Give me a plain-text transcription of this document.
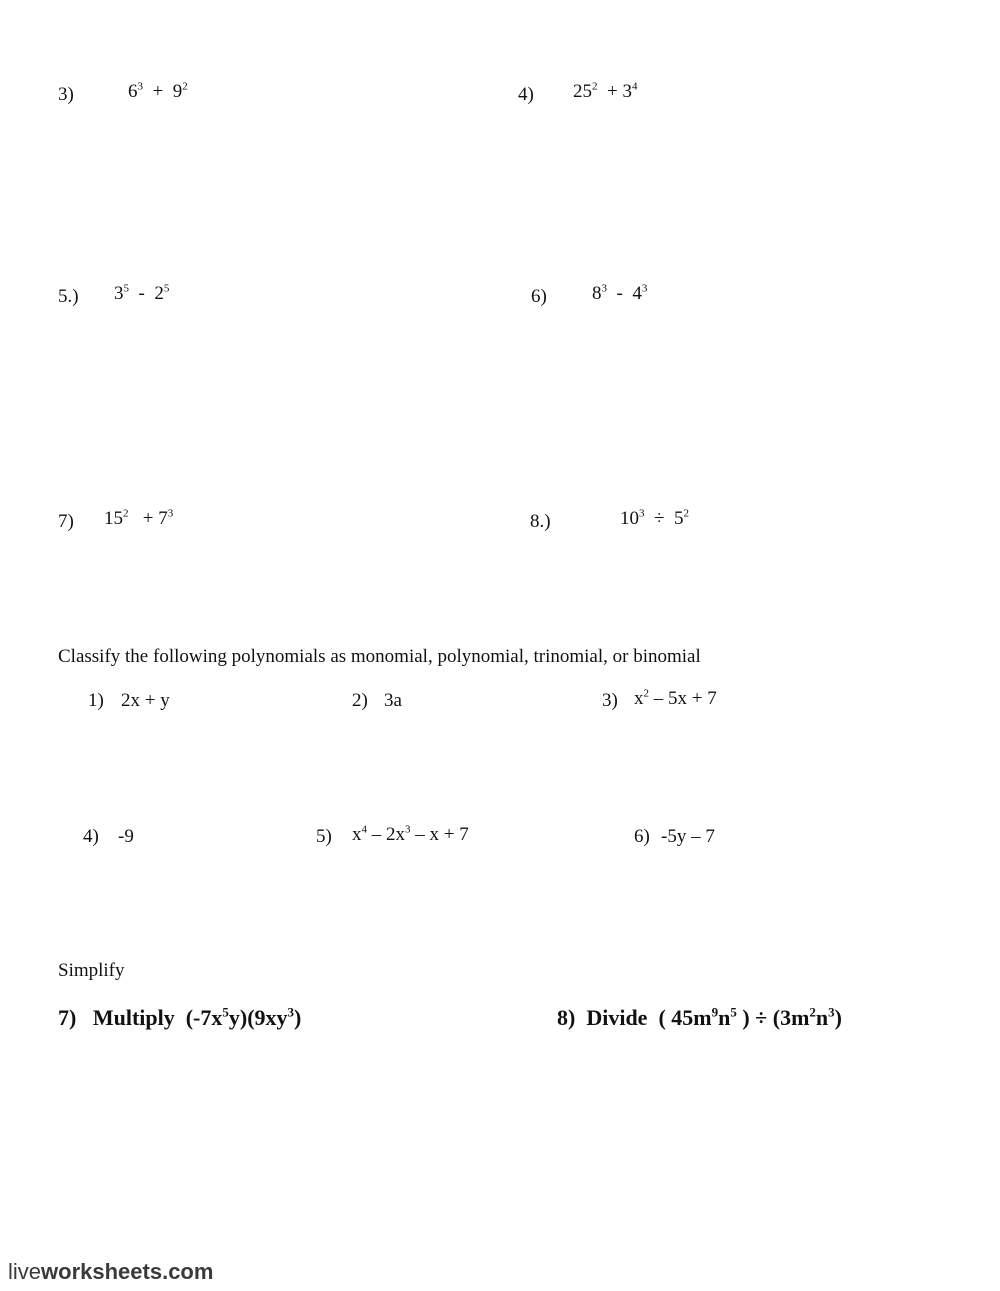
3)	$6^3 + 9^2$	4) $25^2 + 3^4$
5.) $3^5 - 2^5$	6) $8^3 - 4^3$
7) $15^2 + 7^3$	8.)	$10^3 \div 5^2$
Classify the following polynomials as monomial, polynomial, trinomial, or binomial
1) 2x + y	2) 3a	3) $x^2 - 5x + 7$
4) -9	5) $x^4 - 2x^3 - x + 7$	6) -5y – 7
Simplify
7) Multiply $(-7x^5y)(9xy^3)$	8) Divide ( $45m^9n^5$ ) ÷ $(3m^2n^3)$
liveworksheets.com
